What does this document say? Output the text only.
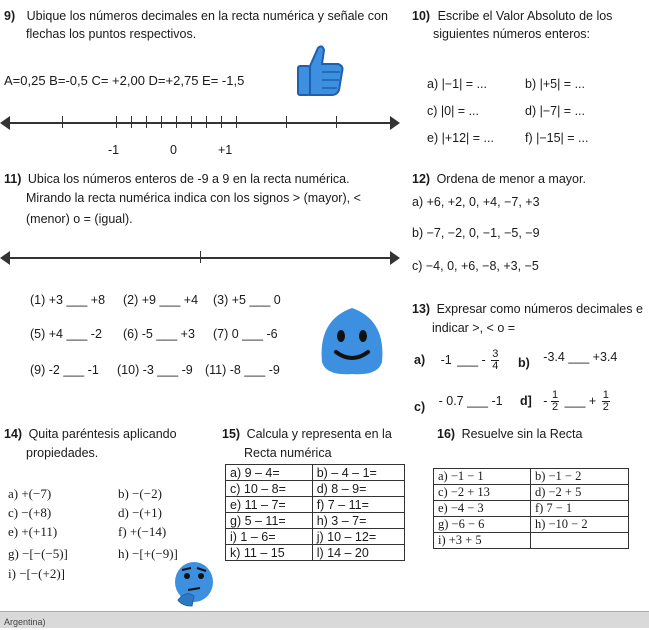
9) Ubique los números decimales en la recta numérica y señale con
flechas los puntos respectivos.
A=0,25 B=-0,5 C= +2,00 D=+2,75 E= -1,5
-1	0	+1
10) Escribe el Valor Absoluto de los
siguientes números enteros:
a) |−1| = ...	b) |+5| = ...
c) |0| = ...	d) |−7| = ...
e) |+12| = ... f) |−15| = ...
11) Ubica los números enteros de -9 a 9 en la recta numérica.
Mirando la recta numérica indica con los signos > (mayor), <
(menor) o = (igual).
(1) +3 ___ +8 (2) +9 ___ +4 (3) +5 ___ 0
(5) +4 ___ -2 (6) -5 ___ +3 (7) 0 ___ -6
(9) -2 ___ -1 (10) -3 ___ -9 (11) -8 ___ -9
12) Ordena de menor a mayor.
a) +6, +2, 0, +4, −7, +3
b) −7, −2, 0, −1, −5, −9
c) −4, 0, +6, −8, +3, −5
13) Expresar como números decimales e
indicar >, < o =
a) -1 ___ - $\frac{3}{4} b$) -3.4 ___ +3.4
c) - 0.7 ___ -1 $d] - \frac{1}{2}$ ___ + $\frac{1}{2}$
14) Quita paréntesis aplicando
propiedades.
a) +(−7)	b) −(−2)
c) −(+8)	d) −(+1)
e) +(+11)	f) +(−14)
g) −[−(−5)]	h) −[+(−9)]
i) −[−(+2)]
15) Calcula y representa en la
Recta numérica
a) 9 – 4=	b) – 4 – 1=
c) 10 – 8=	d) 8 – 9=
e) 11 – 7=	f) 7 – 11=
g) 5 – 11=	h) 3 – 7=
i) 1 – 6=	j) 10 – 12=
k) 11 – 15	l) 14 – 20
16) Resuelve sin la Recta
a) −1 − 1	b) −1 − 2
c) −2 + 13	d) −2 + 5
e) −4 − 3	f) 7 − 1
g) −6 − 6	h) −10 − 2
i) +3 + 5	
Argentina)
